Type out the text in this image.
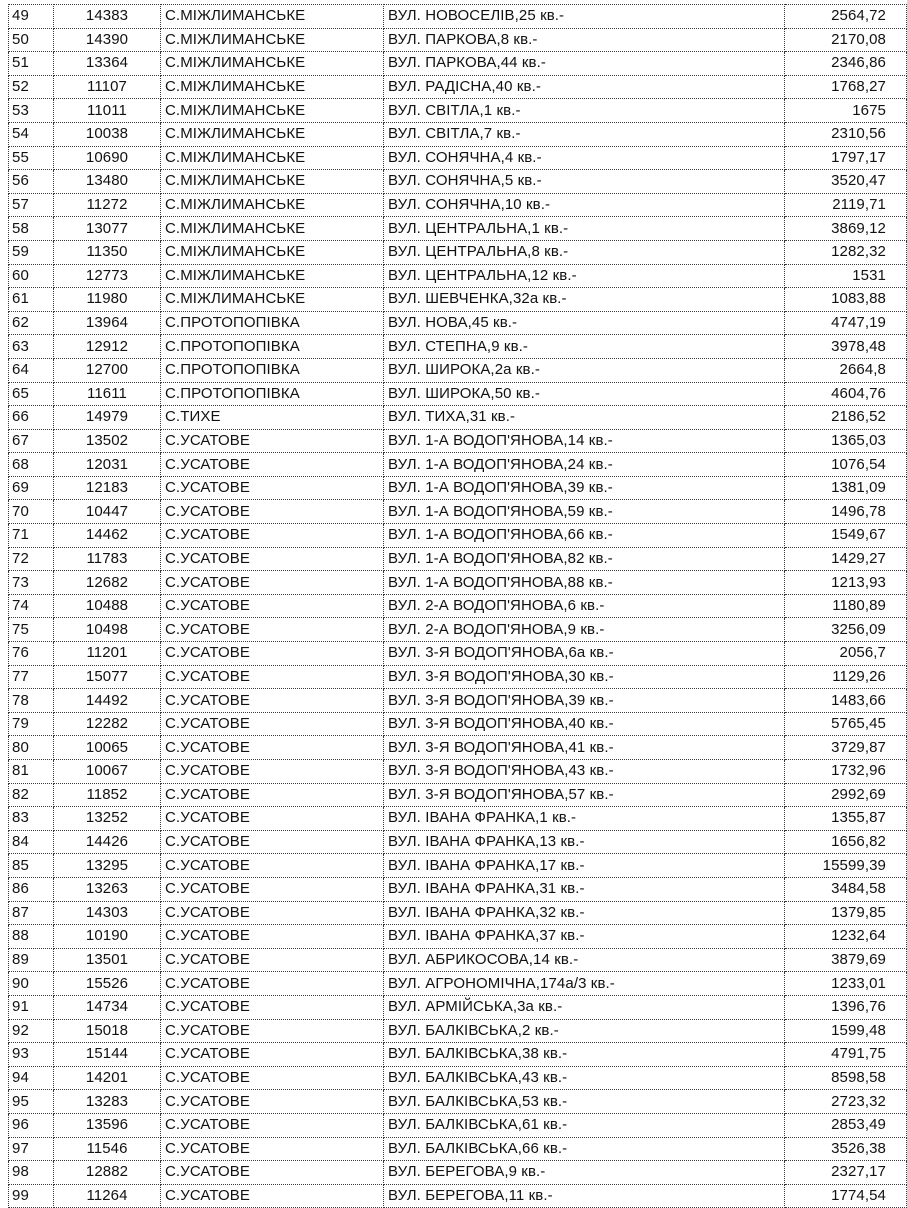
49	14383	С.МІЖЛИМАНСЬКЕ	ВУЛ. НОВОСЕЛІВ,25 кв.-	2564,72
50	14390	С.МІЖЛИМАНСЬКЕ	ВУЛ. ПАРКОВА,8 кв.-	2170,08
51	13364	С.МІЖЛИМАНСЬКЕ	ВУЛ. ПАРКОВА,44 кв.-	2346,86
52	11107	С.МІЖЛИМАНСЬКЕ	ВУЛ. РАДІСНА,40 кв.-	1768,27
53	11011	С.МІЖЛИМАНСЬКЕ	ВУЛ. СВІТЛА,1 кв.-	1675
54	10038	С.МІЖЛИМАНСЬКЕ	ВУЛ. СВІТЛА,7 кв.-	2310,56
55	10690	С.МІЖЛИМАНСЬКЕ	ВУЛ. СОНЯЧНА,4 кв.-	1797,17
56	13480	С.МІЖЛИМАНСЬКЕ	ВУЛ. СОНЯЧНА,5 кв.-	3520,47
57	11272	С.МІЖЛИМАНСЬКЕ	ВУЛ. СОНЯЧНА,10 кв.-	2119,71
58	13077	С.МІЖЛИМАНСЬКЕ	ВУЛ. ЦЕНТРАЛЬНА,1 кв.-	3869,12
59	11350	С.МІЖЛИМАНСЬКЕ	ВУЛ. ЦЕНТРАЛЬНА,8 кв.-	1282,32
60	12773	С.МІЖЛИМАНСЬКЕ	ВУЛ. ЦЕНТРАЛЬНА,12 кв.-	1531
61	11980	С.МІЖЛИМАНСЬКЕ	ВУЛ. ШЕВЧЕНКА,32а кв.-	1083,88
62	13964	С.ПРОТОПОПІВКА	ВУЛ. НОВА,45 кв.-	4747,19
63	12912	С.ПРОТОПОПІВКА	ВУЛ. СТЕПНА,9 кв.-	3978,48
64	12700	С.ПРОТОПОПІВКА	ВУЛ. ШИРОКА,2а кв.-	2664,8
65	11611	С.ПРОТОПОПІВКА	ВУЛ. ШИРОКА,50 кв.-	4604,76
66	14979	С.ТИХЕ	ВУЛ. ТИХА,31 кв.-	2186,52
67	13502	С.УСАТОВЕ	ВУЛ. 1-А ВОДОП'ЯНОВА,14 кв.-	1365,03
68	12031	С.УСАТОВЕ	ВУЛ. 1-А ВОДОП'ЯНОВА,24 кв.-	1076,54
69	12183	С.УСАТОВЕ	ВУЛ. 1-А ВОДОП'ЯНОВА,39 кв.-	1381,09
70	10447	С.УСАТОВЕ	ВУЛ. 1-А ВОДОП'ЯНОВА,59 кв.-	1496,78
71	14462	С.УСАТОВЕ	ВУЛ. 1-А ВОДОП'ЯНОВА,66 кв.-	1549,67
72	11783	С.УСАТОВЕ	ВУЛ. 1-А ВОДОП'ЯНОВА,82 кв.-	1429,27
73	12682	С.УСАТОВЕ	ВУЛ. 1-А ВОДОП'ЯНОВА,88 кв.-	1213,93
74	10488	С.УСАТОВЕ	ВУЛ. 2-А ВОДОП'ЯНОВА,6 кв.-	1180,89
75	10498	С.УСАТОВЕ	ВУЛ. 2-А ВОДОП'ЯНОВА,9 кв.-	3256,09
76	11201	С.УСАТОВЕ	ВУЛ. 3-Я ВОДОП'ЯНОВА,6а кв.-	2056,7
77	15077	С.УСАТОВЕ	ВУЛ. 3-Я ВОДОП'ЯНОВА,30 кв.-	1129,26
78	14492	С.УСАТОВЕ	ВУЛ. 3-Я ВОДОП'ЯНОВА,39 кв.-	1483,66
79	12282	С.УСАТОВЕ	ВУЛ. 3-Я ВОДОП'ЯНОВА,40 кв.-	5765,45
80	10065	С.УСАТОВЕ	ВУЛ. 3-Я ВОДОП'ЯНОВА,41 кв.-	3729,87
81	10067	С.УСАТОВЕ	ВУЛ. 3-Я ВОДОП'ЯНОВА,43 кв.-	1732,96
82	11852	С.УСАТОВЕ	ВУЛ. 3-Я ВОДОП'ЯНОВА,57 кв.-	2992,69
83	13252	С.УСАТОВЕ	ВУЛ. ІВАНА ФРАНКА,1 кв.-	1355,87
84	14426	С.УСАТОВЕ	ВУЛ. ІВАНА ФРАНКА,13 кв.-	1656,82
85	13295	С.УСАТОВЕ	ВУЛ. ІВАНА ФРАНКА,17 кв.-	15599,39
86	13263	С.УСАТОВЕ	ВУЛ. ІВАНА ФРАНКА,31 кв.-	3484,58
87	14303	С.УСАТОВЕ	ВУЛ. ІВАНА ФРАНКА,32 кв.-	1379,85
88	10190	С.УСАТОВЕ	ВУЛ. ІВАНА ФРАНКА,37 кв.-	1232,64
89	13501	С.УСАТОВЕ	ВУЛ. АБРИКОСОВА,14 кв.-	3879,69
90	15526	С.УСАТОВЕ	ВУЛ. АГРОНОМІЧНА,174а/3 кв.-	1233,01
91	14734	С.УСАТОВЕ	ВУЛ. АРМІЙСЬКА,3а кв.-	1396,76
92	15018	С.УСАТОВЕ	ВУЛ. БАЛКІВСЬКА,2 кв.-	1599,48
93	15144	С.УСАТОВЕ	ВУЛ. БАЛКІВСЬКА,38 кв.-	4791,75
94	14201	С.УСАТОВЕ	ВУЛ. БАЛКІВСЬКА,43 кв.-	8598,58
95	13283	С.УСАТОВЕ	ВУЛ. БАЛКІВСЬКА,53 кв.-	2723,32
96	13596	С.УСАТОВЕ	ВУЛ. БАЛКІВСЬКА,61 кв.-	2853,49
97	11546	С.УСАТОВЕ	ВУЛ. БАЛКІВСЬКА,66 кв.-	3526,38
98	12882	С.УСАТОВЕ	ВУЛ. БЕРЕГОВА,9 кв.-	2327,17
99	11264	С.УСАТОВЕ	ВУЛ. БЕРЕГОВА,11 кв.-	1774,54
